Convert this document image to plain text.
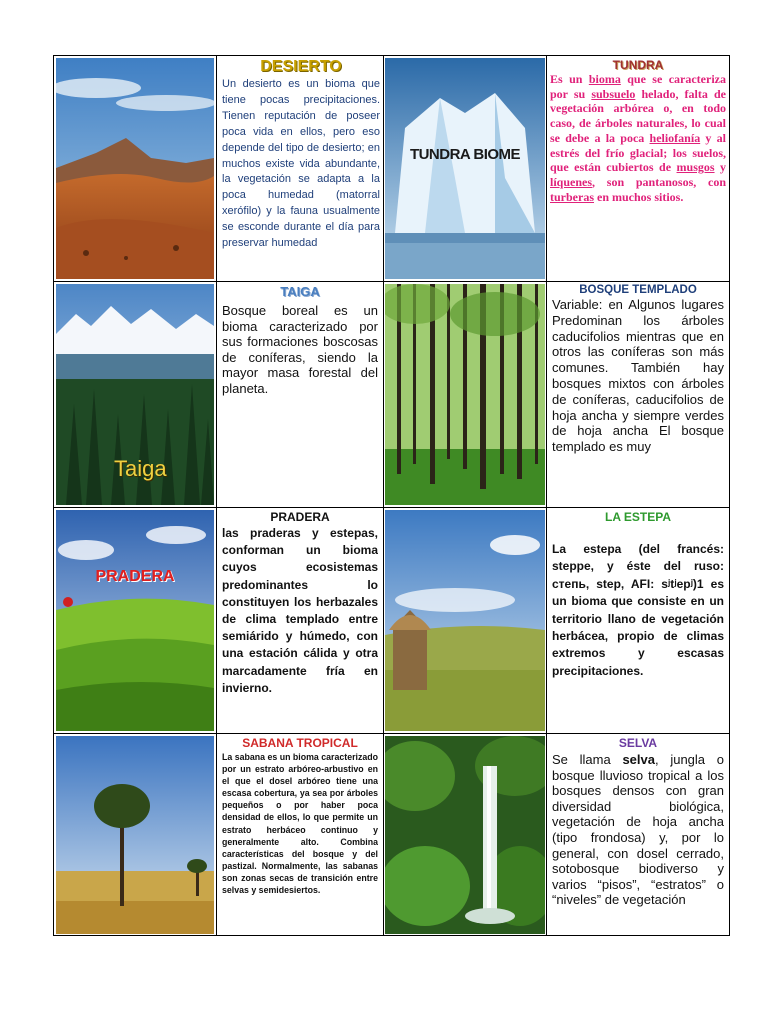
DESIERTO

Un desierto es un bioma que tiene pocas precipitaciones. Tienen reputación de poseer poca vida en ellos, pero eso depende del tipo de desierto; en muchos existe vida abundante, la vegetación se adapta a la poca humedad (matorral xerófilo) y la fauna usualmente se esconde durante el día para preservar humedad

TUNDRA BIOME

TUNDRA

Es un bioma que se caracteriza por su subsuelo helado, falta de vegetación arbórea o, en todo caso, de árboles naturales, lo cual se debe a la poca heliofanía y al estrés del frío glacial; los suelos, que están cubiertos de musgos y líquenes, son pantanosos, con turberas en muchos sitios.

Taiga

TAIGA

Bosque boreal es un bioma caracterizado por sus formaciones boscosas de coníferas, siendo la mayor masa forestal del planeta.

BOSQUE TEMPLADO

Variable: en Algunos lugares Predominan los árboles caducifolios mientras que en otros las coníferas son más comunes. También hay bosques mixtos con árboles de coníferas, caducifolios de hoja ancha y siempre verdes de hoja ancha El bosque templado es muy

PRADERA

PRADERA

las praderas y estepas, conforman un bioma cuyos ecosistemas predominantes lo constituyen los herbazales de clima templado entre semiárido y húmedo, con una estación cálida y otra marcadamente fría en invierno.

LA ESTEPA

La estepa (del francés: steppe, y éste del ruso: степь, step, AFI: sʲtʲepʲ)1 es un bioma que consiste en un territorio llano de vegetación herbácea, propio de climas extremos y escasas precipitaciones.

SABANA TROPICAL

La sabana es un bioma caracterizado por un estrato arbóreo-arbustivo en el que el dosel arbóreo tiene una escasa cobertura, ya sea por árboles pequeños o por haber poca densidad de ellos, lo que permite un estrato herbáceo continuo y generalmente alto. Combina características del bosque y del pastizal. Normalmente, las sabanas son zonas secas de transición entre selvas y semidesiertos.

SELVA

Se llama selva, jungla o bosque lluvioso tropical a los bosques densos con gran diversidad biológica, vegetación de hoja ancha (tipo frondosa) y, por lo general, con dosel cerrado, sotobosque biodiverso y varios “pisos”, “estratos” o “niveles” de vegetación
